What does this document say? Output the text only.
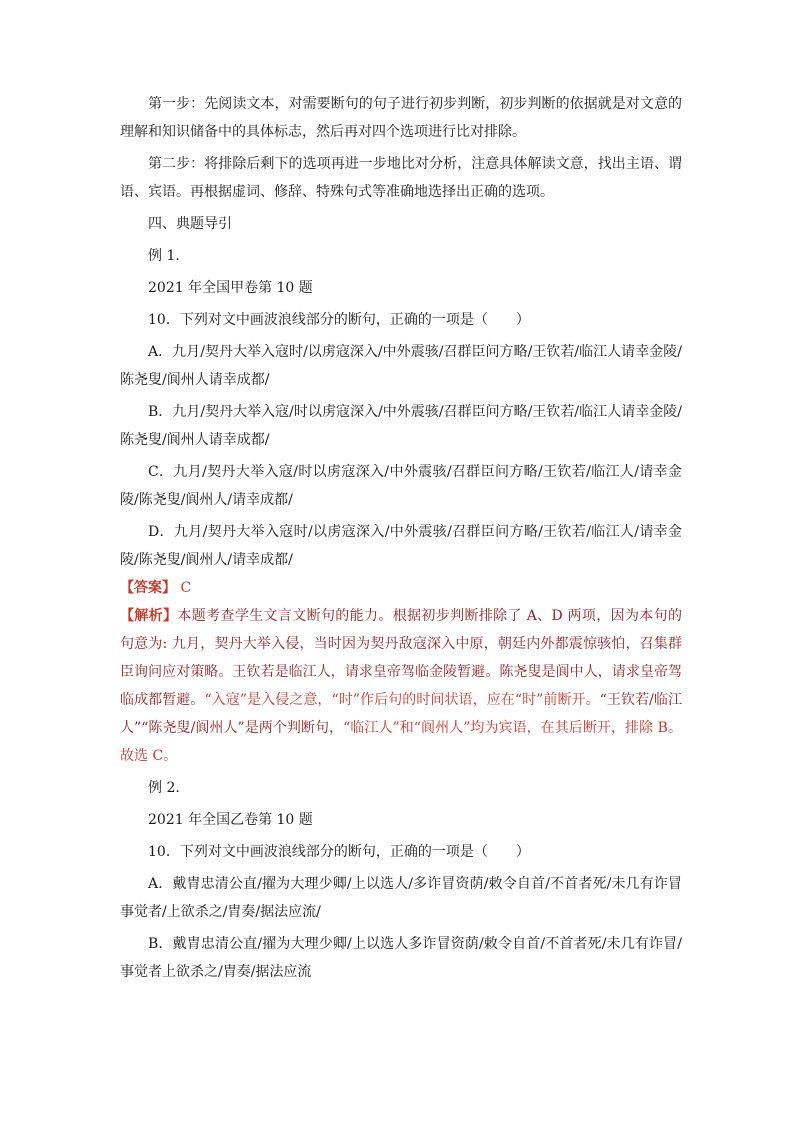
第一步：先阅读文本，对需要断句的句子进行初步判断，初步判断的依据就是对文意的理解和知识储备中的具体标志，然后再对四个选项进行比对排除。

第二步：将排除后剩下的选项再进一步地比对分析，注意具体解读文意，找出主语、谓语、宾语。再根据虚词、修辞、特殊句式等准确地选择出正确的选项。

四、典题导引

例 1.

2021 年全国甲卷第 10 题

10．下列对文中画波浪线部分的断句，正确的一项是（　　）

A．九月/契丹大举入寇时/以虏寇深入/中外震骇/召群臣问方略/王钦若/临江人请幸金陵/陈尧叟/阆州人请幸成都/

B．九月/契丹大举入寇/时以虏寇深入/中外震骇/召群臣问方略/王钦若/临江人请幸金陵/陈尧叟/阆州人请幸成都/

C．九月/契丹大举入寇/时以虏寇深入/中外震骇/召群臣问方略/王钦若/临江人/请幸金陵/陈尧叟/阆州人/请幸成都/

D．九月/契丹大举入寇时/以虏寇深入/中外震骇/召群臣问方略/王钦若/临江人/请幸金陵/陈尧叟/阆州人/请幸成都/

【答案】 C

【解析】本题考查学生文言文断句的能力。根据初步判断排除了 A、D 两项，因为本句的句意为: 九月，契丹大举入侵，当时因为契丹敌寇深入中原，朝廷内外都震惊骇怕，召集群臣询问应对策略。王钦若是临江人，请求皇帝驾临金陵暂避。陈尧叟是阆中人，请求皇帝驾临成都暂避。“入寇”是入侵之意，“时”作后句的时间状语，应在“时”前断开。“王钦若/临江人”“陈尧叟/阆州人”是两个判断句，“临江人”和“阆州人”均为宾语，在其后断开，排除 B。故选 C。

例 2.

2021 年全国乙卷第 10 题

10．下列对文中画波浪线部分的断句，正确的一项是（　　）

A．戴胄忠清公直/擢为大理少卿/上以选人/多诈冒资荫/敕令自首/不首者死/未几有诈冒事觉者/上欲杀之/胄奏/据法应流/

B．戴胄忠清公直/擢为大理少卿/上以选人多诈冒资荫/敕令自首/不首者死/未几有诈冒/事觉者上欲杀之/胄奏/据法应流
